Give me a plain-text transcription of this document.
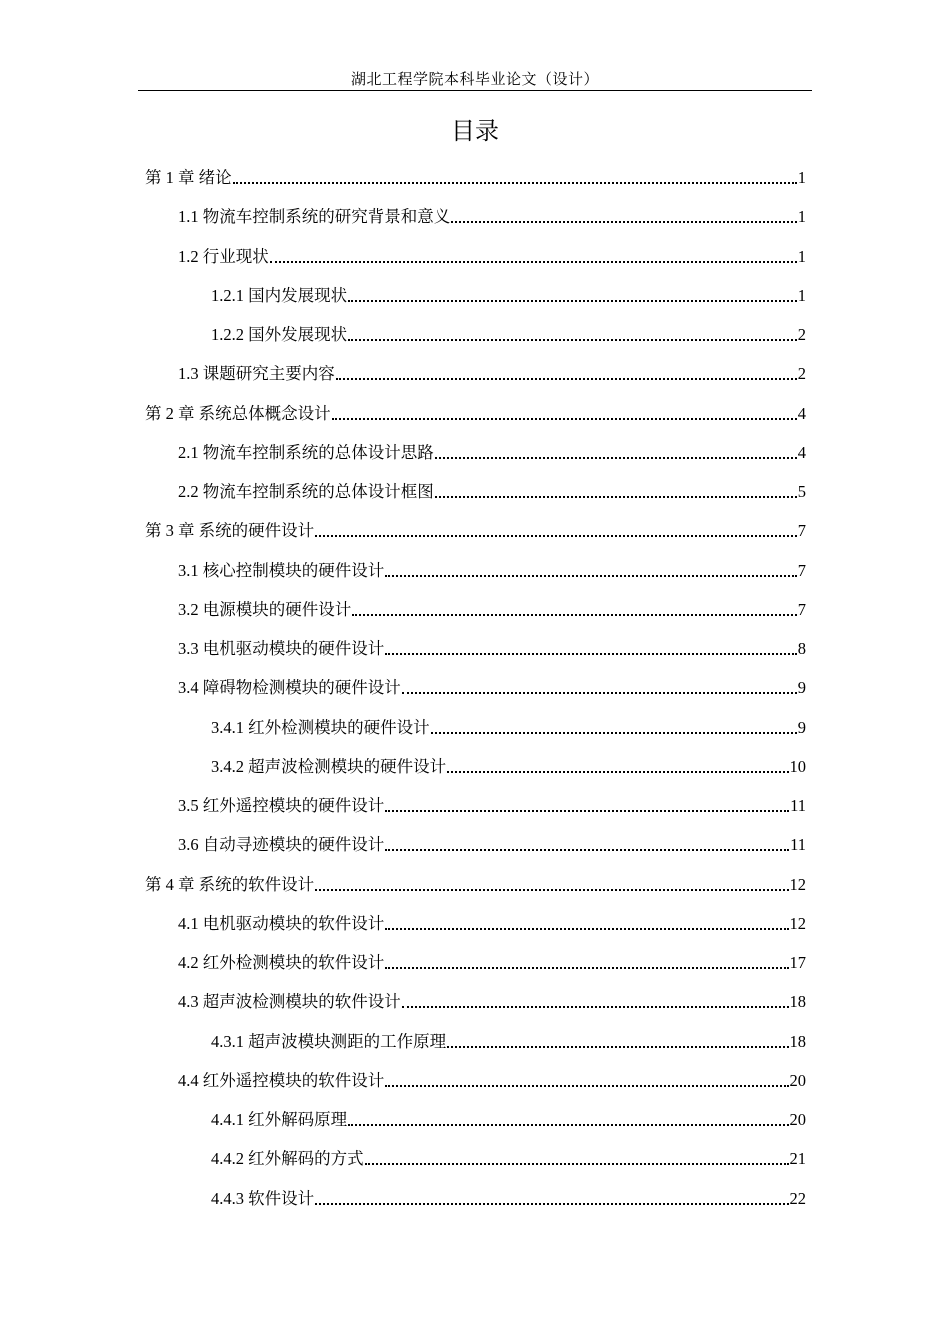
湖北工程学院本科毕业论文（设计）
目录
第 1 章 绪论	1
1.1 物流车控制系统的研究背景和意义	1
1.2 行业现状	1
1.2.1 国内发展现状	1
1.2.2 国外发展现状	2
1.3 课题研究主要内容	2
第 2 章 系统总体概念设计	4
2.1 物流车控制系统的总体设计思路	4
2.2 物流车控制系统的总体设计框图	5
第 3 章 系统的硬件设计	7
3.1 核心控制模块的硬件设计	7
3.2 电源模块的硬件设计	7
3.3 电机驱动模块的硬件设计	8
3.4 障碍物检测模块的硬件设计	9
3.4.1 红外检测模块的硬件设计	9
3.4.2 超声波检测模块的硬件设计	10
3.5 红外遥控模块的硬件设计	11
3.6 自动寻迹模块的硬件设计	11
第 4 章 系统的软件设计	12
4.1 电机驱动模块的软件设计	12
4.2 红外检测模块的软件设计	17
4.3 超声波检测模块的软件设计	18
4.3.1 超声波模块测距的工作原理	18
4.4 红外遥控模块的软件设计	20
4.4.1 红外解码原理	20
4.4.2 红外解码的方式	21
4.4.3 软件设计	22
